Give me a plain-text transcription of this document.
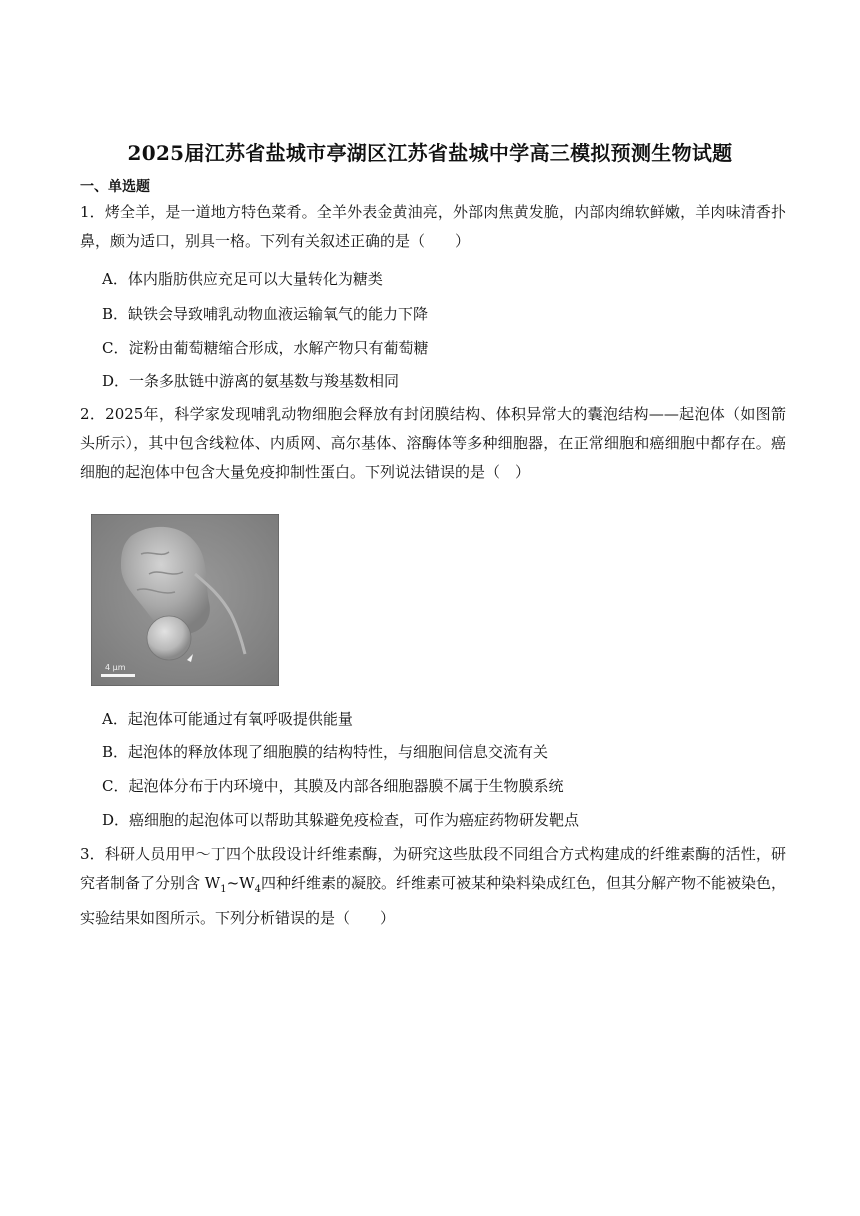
2025届江苏省盐城市亭湖区江苏省盐城中学高三模拟预测生物试题
一、单选题
1．烤全羊，是一道地方特色菜肴。全羊外表金黄油亮，外部肉焦黄发脆，内部肉绵软鲜嫩，羊肉味清香扑鼻，颇为适口，别具一格。下列有关叙述正确的是（　　）
A．体内脂肪供应充足可以大量转化为糖类
B．缺铁会导致哺乳动物血液运输氧气的能力下降
C．淀粉由葡萄糖缩合形成，水解产物只有葡萄糖
D．一条多肽链中游离的氨基数与羧基数相同
2．2025年，科学家发现哺乳动物细胞会释放有封闭膜结构、体积异常大的囊泡结构——起泡体（如图箭头所示），其中包含线粒体、内质网、高尔基体、溶酶体等多种细胞器，在正常细胞和癌细胞中都存在。癌细胞的起泡体中包含大量免疫抑制性蛋白。下列说法错误的是（　）
4 μm
A．起泡体可能通过有氧呼吸提供能量
B．起泡体的释放体现了细胞膜的结构特性，与细胞间信息交流有关
C．起泡体分布于内环境中，其膜及内部各细胞器膜不属于生物膜系统
D．癌细胞的起泡体可以帮助其躲避免疫检查，可作为癌症药物研发靶点
3．科研人员用甲～丁四个肽段设计纤维素酶，为研究这些肽段不同组合方式构建成的纤维素酶的活性，研究者制备了分别含 $W_1\sim W_4$四种纤维素的凝胶。纤维素可被某种染料染成红色，但其分解产物不能被染色，实验结果如图所示。下列分析错误的是（　　）
